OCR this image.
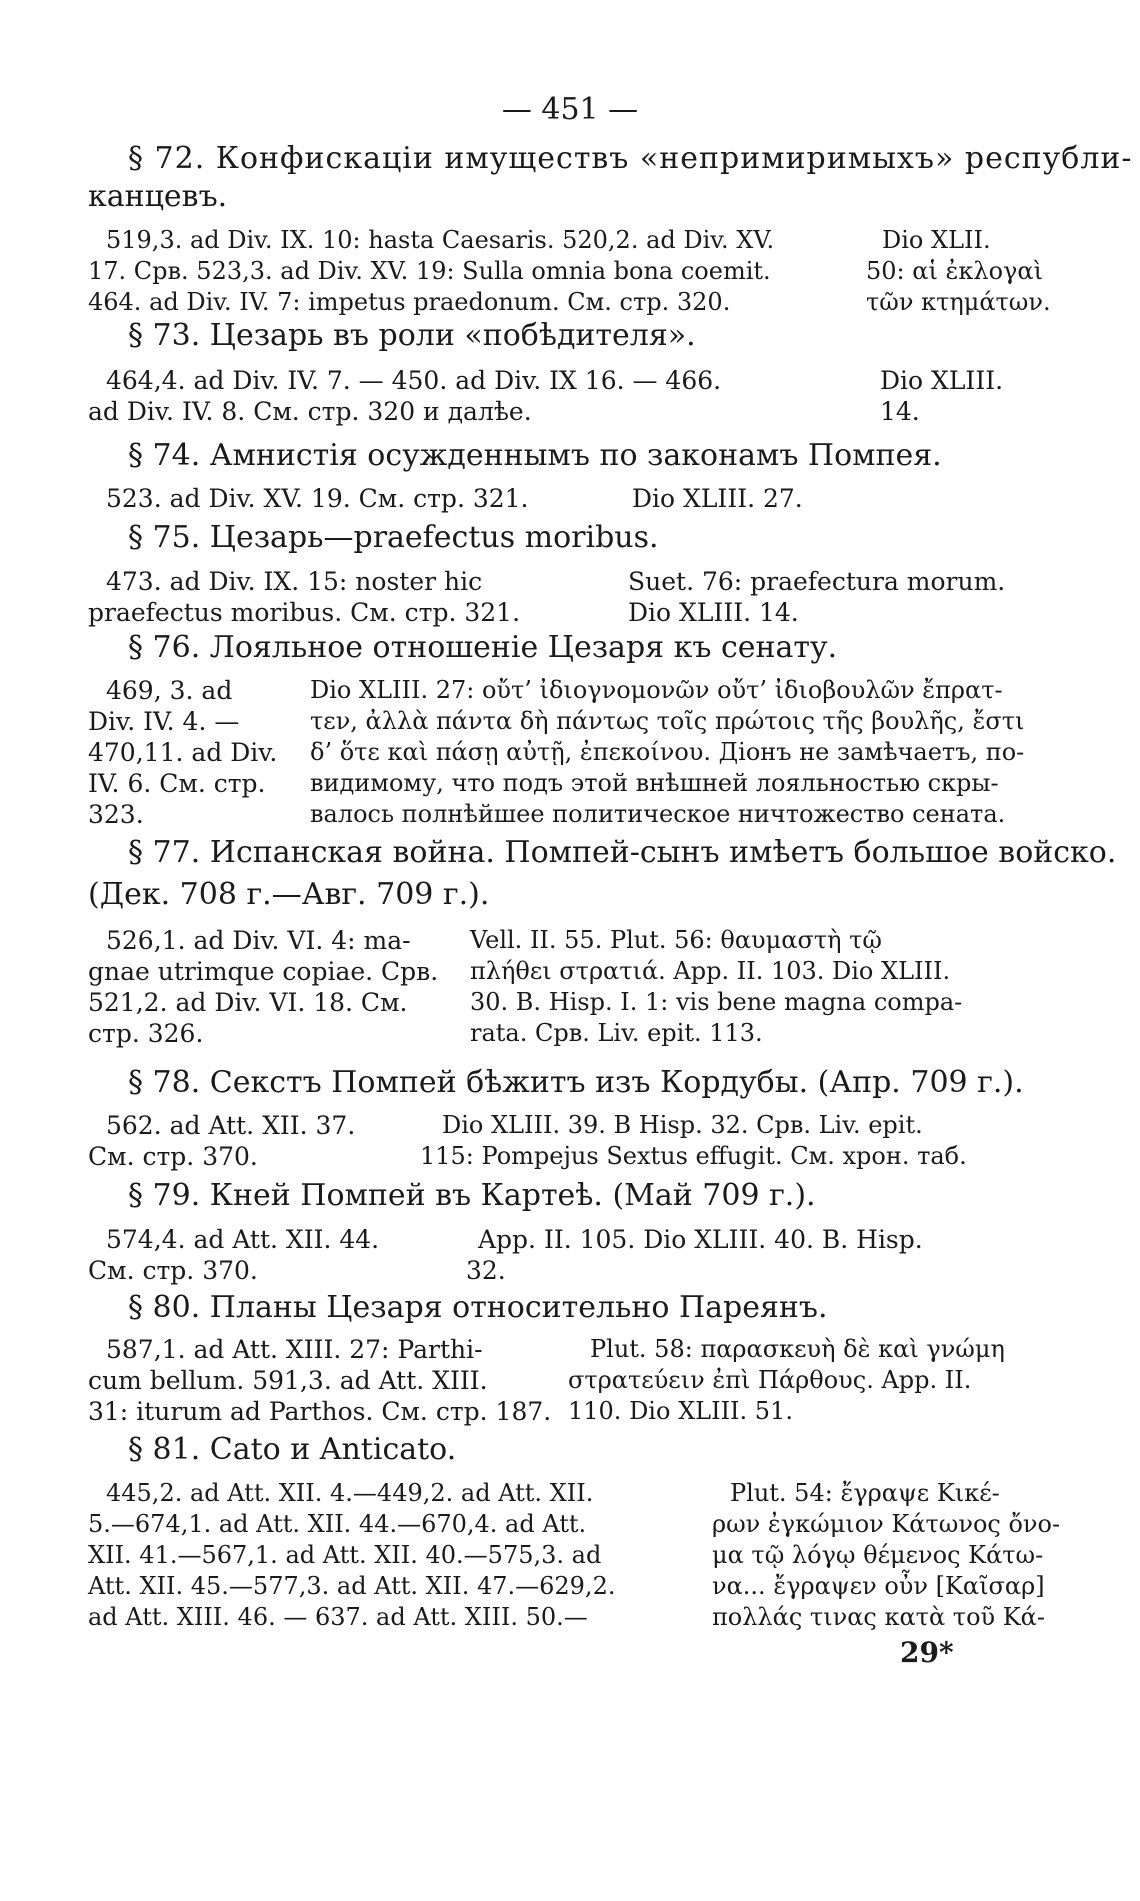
— 451 —
§ 72. Конфискаціи имуществъ «непримиримыхъ» республи-
канцевъ.
519,3. ad Div. IX. 10: hasta Caesaris. 520,2. ad Div. XV.
17. Срв. 523,3. ad Div. XV. 19: Sulla omnia bona coemit.
464. ad Div. IV. 7: impetus praedonum. См. стр. 320.
Dio XLII.
50: αἱ ἐκλογαὶ
τῶν κτημάτων.
§ 73. Цезарь въ роли «побѣдителя».
464,4. ad Div. IV. 7. — 450. ad Div. IX 16. — 466.
ad Div. IV. 8. См. стр. 320 и далѣе.
Dio XLIII.
14.
§ 74. Амнистія осужденнымъ по законамъ Помпея.
523. ad Div. XV. 19. См. стр. 321.	Dio XLIII. 27.
§ 75. Цезарь—praefectus moribus.
473. ad Div. IX. 15: noster hic
praefectus moribus. См. стр. 321.
Suet. 76: praefectura morum.
Dio XLIII. 14.
§ 76. Лояльное отношеніе Цезаря къ сенату.
469, 3. ad
Div. IV. 4. —
470,11. ad Div.
IV. 6. См. стр.
323.
Dio XLIII. 27: οὔτ’ ἰδιογνομονῶν οὔτ’ ἰδιοβουλῶν ἔπρατ-
τεν, ἀλλὰ πάντα δὴ πάντως τοῖς πρώτοις τῆς βουλῆς, ἔστι
δ’ ὅτε καὶ πάσῃ αὐτῇ, ἐπεκοίνου. Діонъ не замѣчаетъ, по-
видимому, что подъ этой внѣшней лояльностью скры-
валось полнѣйшее политическое ничтожество сената.
§ 77. Испанская война. Помпей-сынъ имѣетъ большое войско.
(Дек. 708 г.—Авг. 709 г.).
526,1. ad Div. VI. 4: ma-
gnae utrimque copiae. Срв.
521,2. ad Div. VI. 18. См.
стр. 326.
Vell. II. 55. Plut. 56: θαυμαστὴ τῷ
πλήθει στρατιά. App. II. 103. Dio XLIII.
30. B. Hisp. I. 1: vis bene magna compa-
rata. Срв. Liv. epit. 113.
§ 78. Секстъ Помпей бѣжитъ изъ Кордубы. (Апр. 709 г.).
562. ad Att. XII. 37.
См. стр. 370.
Dio XLIII. 39. B Hisp. 32. Срв. Liv. epit.
115: Pompejus Sextus effugit. См. хрон. таб.
§ 79. Кней Помпей въ Картеѣ. (Май 709 г.).
574,4. ad Att. XII. 44.
См. стр. 370.
App. II. 105. Dio XLIII. 40. B. Hisp.
32.
§ 80. Планы Цезаря относительно Пареянъ.
587,1. ad Att. XIII. 27: Parthi-
cum bellum. 591,3. ad Att. XIII.
31: iturum ad Parthos. См. стр. 187.
Plut. 58: παρασκευὴ δὲ καὶ γνώμη
στρατεύειν ἐπὶ Πάρθους. App. II.
110. Dio XLIII. 51.
§ 81. Cato и Anticato.
445,2. ad Att. XII. 4.—449,2. ad Att. XII.
5.—674,1. ad Att. XII. 44.—670,4. ad Att.
XII. 41.—567,1. ad Att. XII. 40.—575,3. ad
Att. XII. 45.—577,3. ad Att. XII. 47.—629,2.
ad Att. XIII. 46. — 637. ad Att. XIII. 50.—
Plut. 54: ἔγραψε Κικέ-
ρων ἐγκώμιον Κάτωνος ὄνο-
μα τῷ λόγῳ θέμενος Κάτω-
να... ἔγραψεν οὖν [Καῖσαρ]
πολλάς τινας κατὰ τοῦ Κά-
29*
